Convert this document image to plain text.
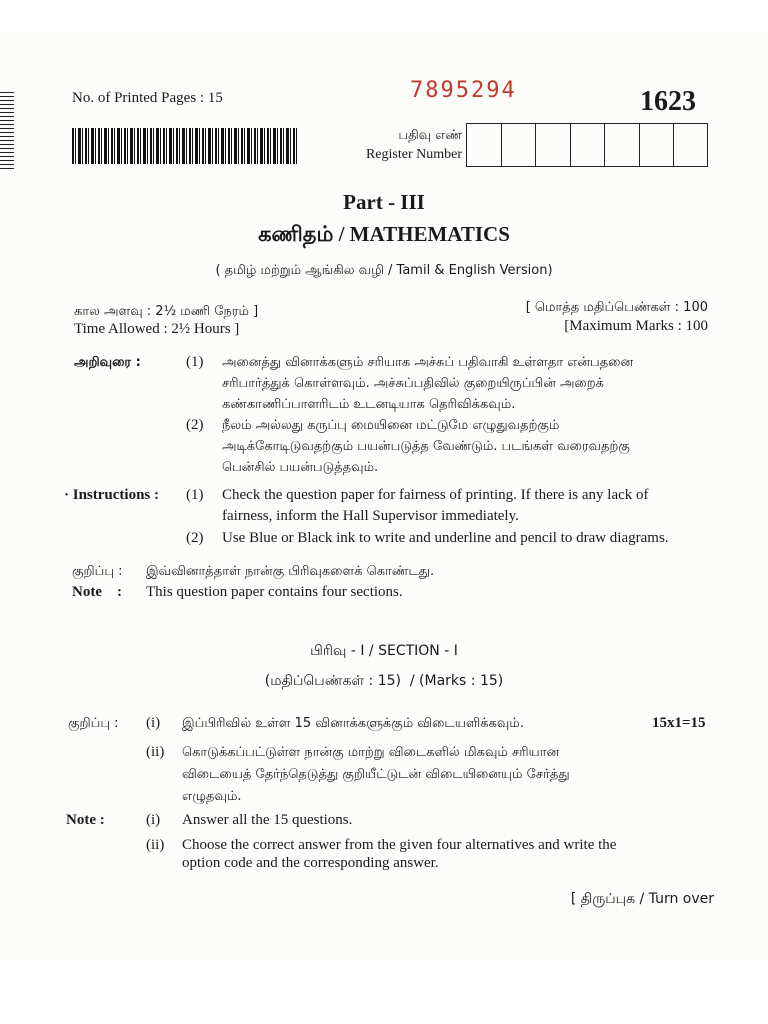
No. of Printed Pages : 15	7895294	1623
பதிவு எண்
Register Number
Part - III
கணிதம் / MATHEMATICS
( தமிழ் மற்றும் ஆங்கில வழி / Tamil & English Version)
கால அளவு : 2½ மணி நேரம் ]
Time Allowed : 2½ Hours ]
[ மொத்த மதிப்பெண்கள் : 100
[Maximum Marks : 100
அறிவுரை :	(1) அனைத்து வினாக்களும் சரியாக அச்சுப் பதிவாகி உள்ளதா என்பதனை
சரிபார்த்துக் கொள்ளவும். அச்சுப்பதிவில் குறையிருப்பின் அறைக்
கண்காணிப்பாளரிடம் உடனடியாக தெரிவிக்கவும்.
(2) நீலம் அல்லது கருப்பு மையினை மட்டுமே எழுதுவதற்கும்
அடிக்கோடிடுவதற்கும் பயன்படுத்த வேண்டும். படங்கள் வரைவதற்கு
பென்சில் பயன்படுத்தவும்.
· Instructions : (1) Check the question paper for fairness of printing. If there is any lack of
fairness, inform the Hall Supervisor immediately.
(2) Use Blue or Black ink to write and underline and pencil to draw diagrams.
குறிப்பு : இவ்வினாத்தாள் நான்கு பிரிவுகளைக் கொண்டது.
Note    : This question paper contains four sections.
பிரிவு - I / SECTION - I
(மதிப்பெண்கள் : 15)  / (Marks : 15)
குறிப்பு : (i) இப்பிரிவில் உள்ள 15 வினாக்களுக்கும் விடையளிக்கவும்.	15x1=15
(ii) கொடுக்கப்பட்டுள்ள நான்கு மாற்று விடைகளில் மிகவும் சரியான
விடையைத் தேர்ந்தெடுத்து குறியீட்டுடன் விடையினையும் சேர்த்து
எழுதவும்.
Note :	(i) Answer all the 15 questions.
(ii) Choose the correct answer from the given four alternatives and write the
option code and the corresponding answer.
[ திருப்புக / Turn over
